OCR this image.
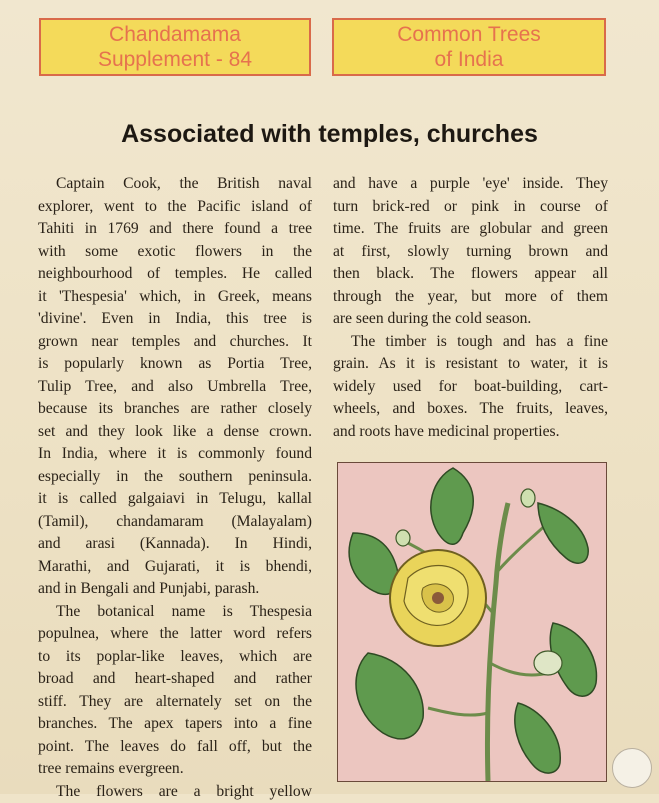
Chandamama
Supplement - 84
Common Trees
of India
Associated with temples, churches
Captain Cook, the British naval
explorer, went to the Pacific island of
Tahiti in 1769 and there found a tree
with some exotic flowers in the
neighbourhood of temples. He called
it 'Thespesia' which, in Greek, means
'divine'. Even in India, this tree is
grown near temples and churches. It
is popularly known as Portia Tree,
Tulip Tree, and also Umbrella Tree,
because its branches are rather closely
set and they look like a dense crown.
In India, where it is commonly found
especially in the southern peninsula.
it is called galgaiavi in Telugu, kallal
(Tamil), chandamaram (Malayalam)
and arasi (Kannada). In Hindi,
Marathi, and Gujarati, it is bhendi,
and in Bengali and Punjabi, parash.
The botanical name is Thespesia
populnea, where the latter word refers
to its poplar-like leaves, which are
broad and heart-shaped and rather
stiff. They are alternately set on the
branches. The apex tapers into a fine
point. The leaves do fall off, but the
tree remains evergreen.
The flowers are a bright yellow
and have a purple 'eye' inside. They
turn brick-red or pink in course of
time. The fruits are globular and green
at first, slowly turning brown and
then black. The flowers appear all
through the year, but more of them
are seen during the cold season.
The timber is tough and has a fine
grain. As it is resistant to water, it is
widely used for boat-building, cart-
wheels, and boxes. The fruits, leaves,
and roots have medicinal properties.
